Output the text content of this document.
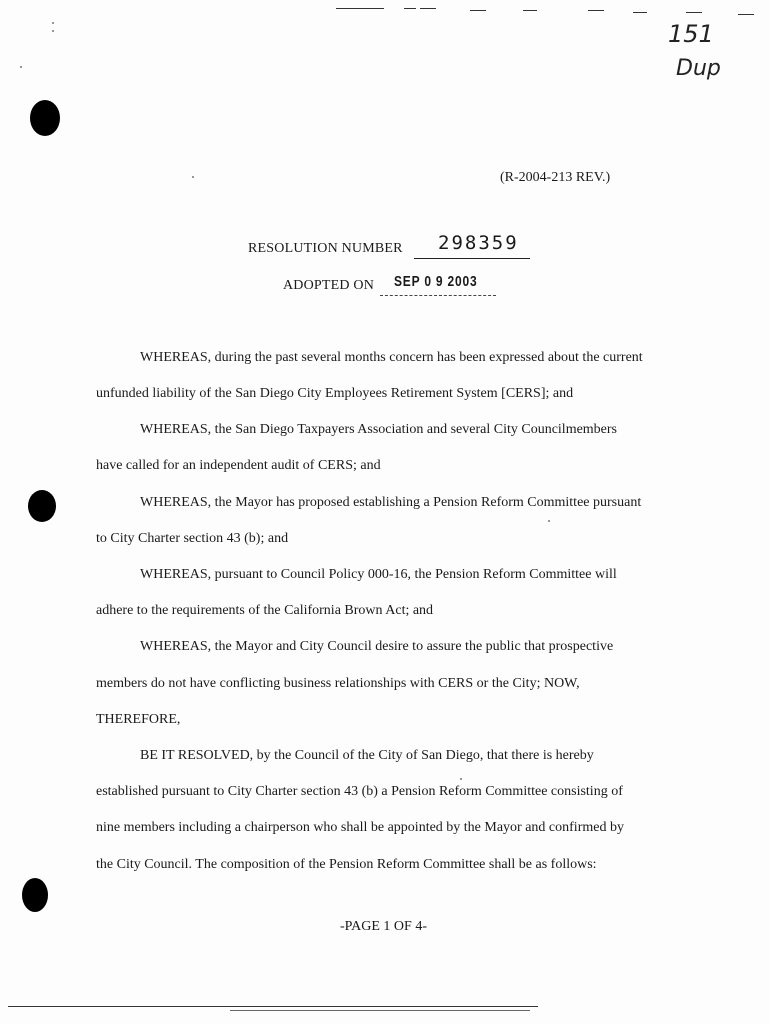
151
Dup
(R-2004-213 REV.)
RESOLUTION NUMBER 298359
ADOPTED ON SEP 0 9 2003
WHEREAS, during the past several months concern has been expressed about the current
unfunded liability of the San Diego City Employees Retirement System [CERS]; and
WHEREAS, the San Diego Taxpayers Association and several City Councilmembers
have called for an independent audit of CERS; and
WHEREAS, the Mayor has proposed establishing a Pension Reform Committee pursuant
to City Charter section 43 (b); and
WHEREAS, pursuant to Council Policy 000-16, the Pension Reform Committee will
adhere to the requirements of the California Brown Act; and
WHEREAS, the Mayor and City Council desire to assure the public that prospective
members do not have conflicting business relationships with CERS or the City; NOW,
THEREFORE,
BE IT RESOLVED, by the Council of the City of San Diego, that there is hereby
established pursuant to City Charter section 43 (b) a Pension Reform Committee consisting of
nine members including a chairperson who shall be appointed by the Mayor and confirmed by
the City Council. The composition of the Pension Reform Committee shall be as follows:
-PAGE 1 OF 4-
